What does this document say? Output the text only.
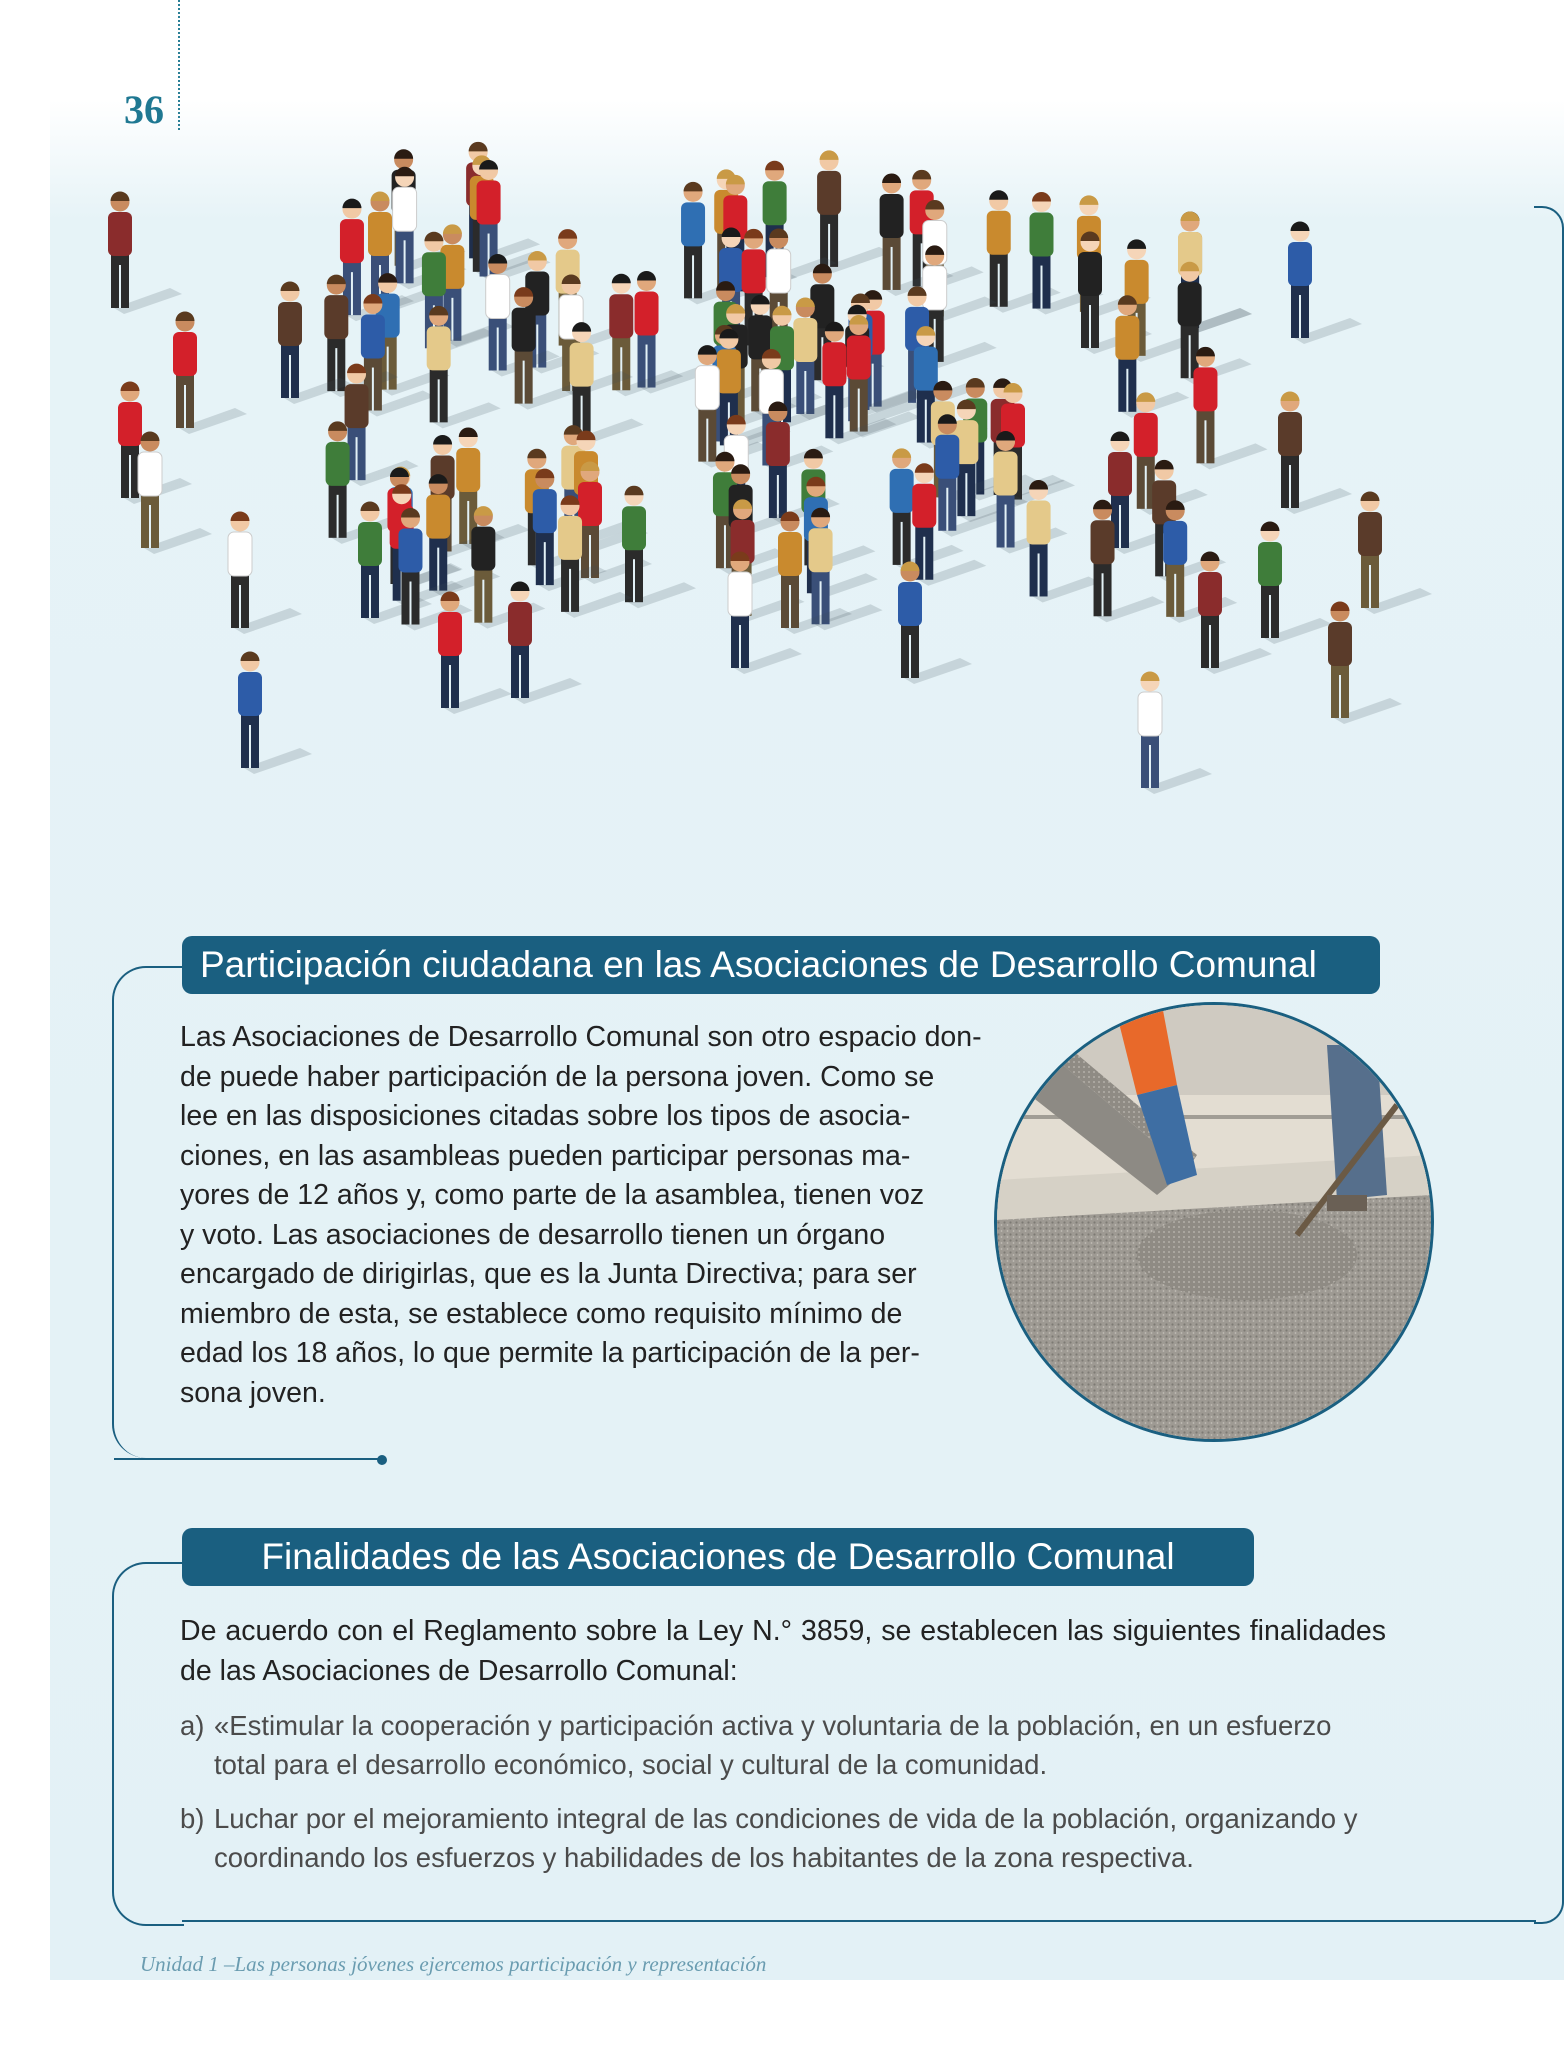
36
Participación ciudadana en las Asociaciones de Desarrollo Comunal
Las Asociaciones de Desarrollo Comunal son otro espacio don-
de puede haber participación de la persona joven. Como se
lee en las disposiciones citadas sobre los tipos de asocia-
ciones, en las asambleas pueden participar personas ma-
yores de 12 años y, como parte de la asamblea, tienen voz
y voto. Las asociaciones de desarrollo tienen un órgano
encargado de dirigirlas, que es la Junta Directiva; para ser
miembro de esta, se establece como requisito mínimo de
edad los 18 años, lo que permite la participación de la per-
sona joven.
Finalidades de las Asociaciones de Desarrollo Comunal
De acuerdo con el Reglamento sobre la Ley N.° 3859, se establecen las siguientes finalidades de las Asociaciones de Desarrollo Comunal:
a) «Estimular la cooperación y participación activa y voluntaria de la población, en un esfuerzo total para el desarrollo económico, social y cultural de la comunidad.
b) Luchar por el mejoramiento integral de las condiciones de vida de la población, organizando y coordinando los esfuerzos y habilidades de los habitantes de la zona respectiva.
Unidad 1 –Las personas jóvenes ejercemos participación y representación
